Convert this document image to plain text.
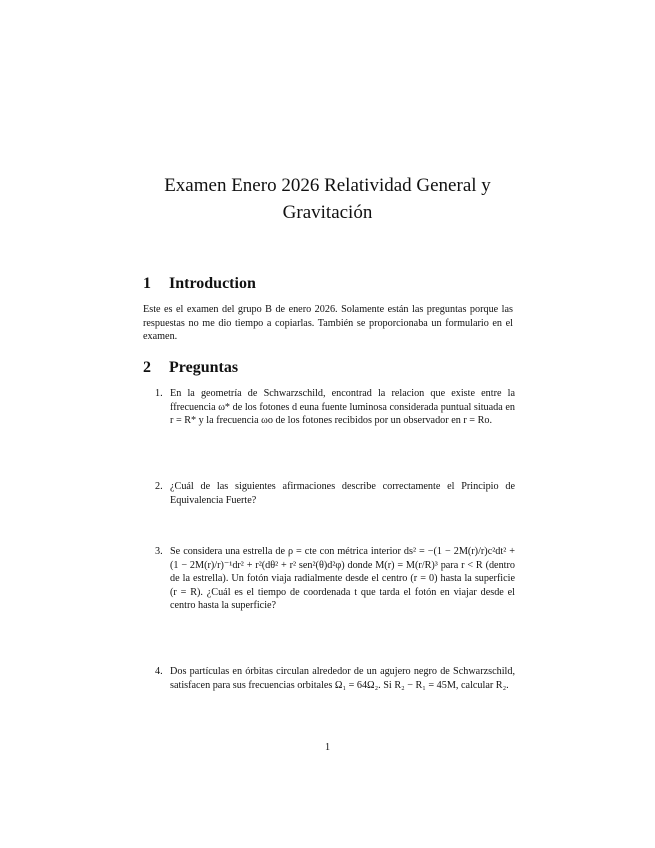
Examen Enero 2026 Relatividad General y Gravitación
1 Introduction
Este es el examen del grupo B de enero 2026. Solamente están las preguntas porque las respuestas no me dio tiempo a copiarlas. También se proporcionaba un formulario en el examen.
2 Preguntas
1. En la geometría de Schwarzschild, encontrad la relacion que existe entre la ffrecuencia ω* de los fotones d euna fuente luminosa considerada puntual situada en r = R* y la frecuencia ωo de los fotones recibidos por un observador en r = Ro.
2. ¿Cuál de las siguientes afirmaciones describe correctamente el Principio de Equivalencia Fuerte?
3. Se considera una estrella de ρ = cte con métrica interior ds² = −(1 − 2M(r)/r)c²dt² + (1 − 2M(r)/r)⁻¹dr² + r²(dθ² + r² sen²(θ)d²φ) donde M(r) = M(r/R)³ para r < R (dentro de la estrella). Un fotón viaja radialmente desde el centro (r = 0) hasta la superficie (r = R). ¿Cuál es el tiempo de coordenada t que tarda el fotón en viajar desde el centro hasta la superficie?
4. Dos partículas en órbitas circulan alrededor de un agujero negro de Schwarzschild, satisfacen para sus frecuencias orbitales Ω₁ = 64Ω₂. Si R₂ − R₁ = 45M, calcular R₂.
1
